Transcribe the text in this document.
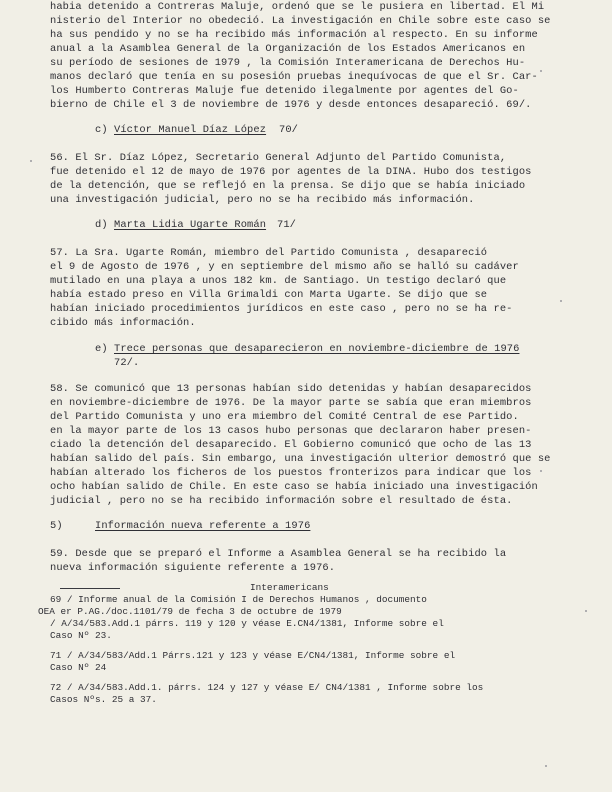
habia detenido a Contreras Maluje, ordenó que se le pusiera en libertad. El Mi
nisterio del Interior no obedeció. La investigación en Chile sobre este caso se
ha sus pendido y no se ha recibido más información al respecto. En su informe
anual a la Asamblea General de la Organización de los Estados Americanos en
su período de sesiones de 1979 , la Comisión Interamericana de Derechos Hu-
manos declaró que tenía en su posesión pruebas inequívocas de que el Sr. Car-
los Humberto Contreras Maluje fue detenido ilegalmente por agentes del Go-
bierno de Chile el 3 de noviembre de 1976 y desde entonces desapareció. 69/.
c) Víctor Manuel Díaz López 70/
56. El Sr. Díaz López, Secretario General Adjunto del Partido Comunista,
fue detenido el 12 de mayo de 1976 por agentes de la DINA. Hubo dos testigos
de la detención, que se reflejó en la prensa. Se dijo que se había iniciado
una investigación judicial, pero no se ha recibido más información.
d) Marta Lidia Ugarte Román 71/
57. La Sra. Ugarte Román, miembro del Partido Comunista , desapareció
el 9 de Agosto de 1976 , y en septiembre del mismo año se halló su cadáver
mutilado en una playa a unos 182 km. de Santiago. Un testigo declaró que
había estado preso en Villa Grimaldi con Marta Ugarte. Se dijo que se
habían iniciado procedimientos jurídicos en este caso , pero no se ha re-
cibido más información.
e) Trece personas que desaparecieron en noviembre-diciembre de 1976
72/.
58. Se comunicó que 13 personas habían sido detenidas y habían desaparecidos
en noviembre-diciembre de 1976. De la mayor parte se sabía que eran miembros
del Partido Comunista y uno era miembro del Comité Central de ese Partido.
en la mayor parte de los 13 casos hubo personas que declararon haber presen-
ciado la detención del desaparecido. El Gobierno comunicó que ocho de las 13
habían salido del país. Sin embargo, una investigación ulterior demostró que se
habían alterado los ficheros de los puestos fronterizos para indicar que los
ocho habían salido de Chile. En este caso se había iniciado una investigación
judicial , pero no se ha recibido información sobre el resultado de ésta.
5)	Información nueva referente a 1976
59. Desde que se preparó el Informe a Asamblea General se ha recibido la
nueva información siguiente referente a 1976.
Interamericans
69 / Informe anual de la Comisión I de Derechos Humanos , documento
OEA er P.AG./doc.1101/79 de fecha 3 de octubre de 1979
/ A/34/583.Add.1 párrs. 119 y 120 y véase E.CN4/1381, Informe sobre el
Caso Nº 23.
71 / A/34/583/Add.1 Párrs.121 y 123 y véase E/CN4/1381, Informe sobre el
Caso Nº 24
72 / A/34/583.Add.1. párrs. 124 y 127 y véase E/ CN4/1381 , Informe sobre los
Casos Nºs. 25 a 37.
